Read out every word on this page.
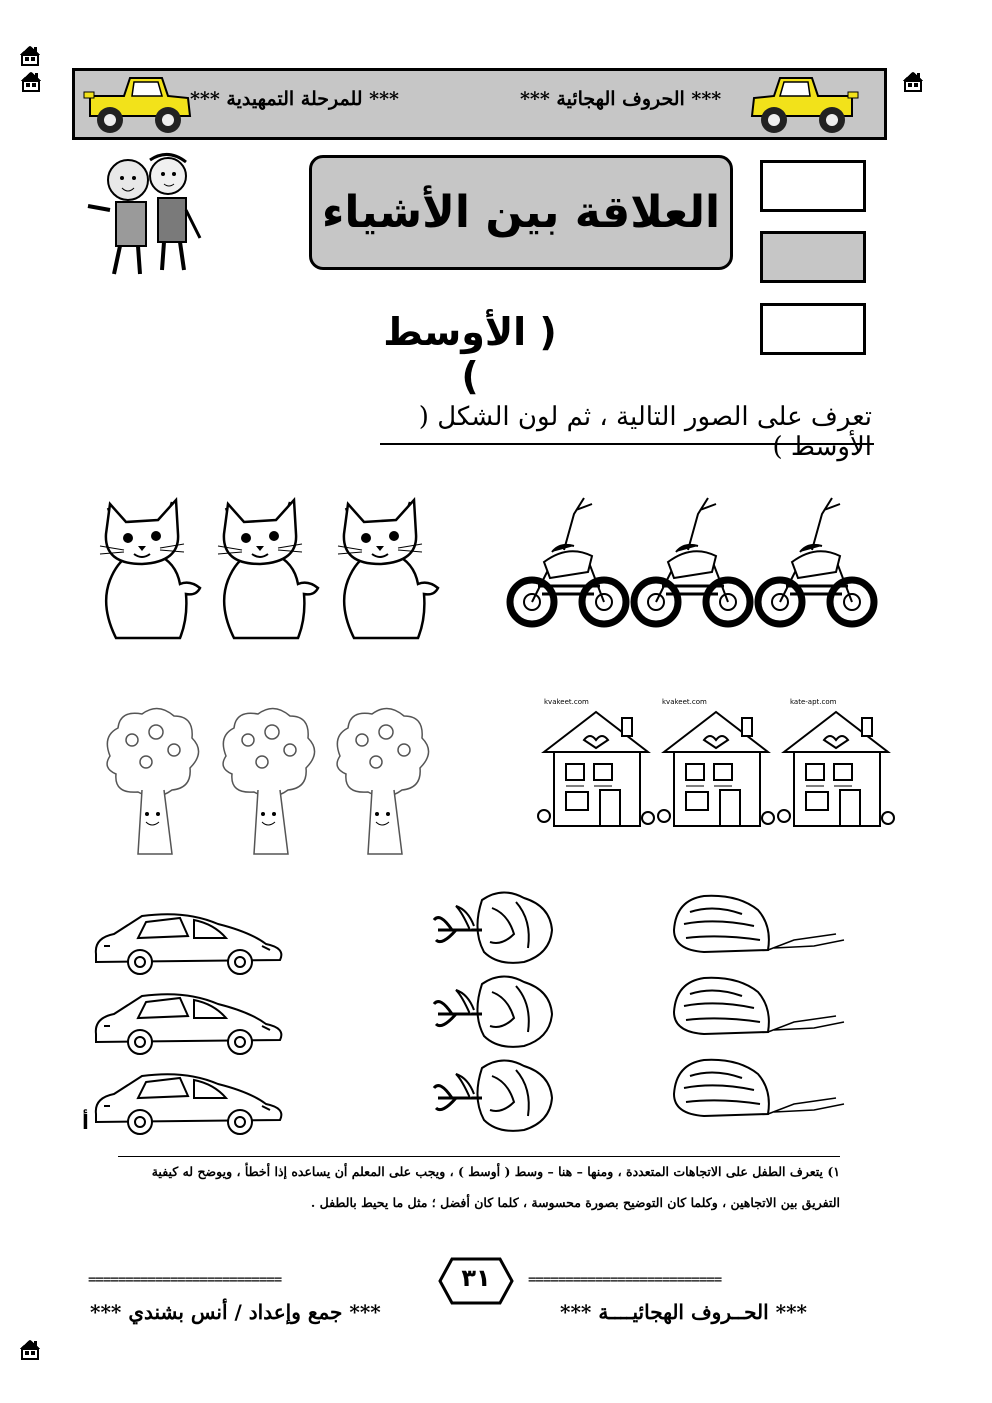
*** الحروف الهجائية ***
*** للمرحلة التمهيدية ***
العلاقة بين الأشياء
( الأوسط )
تعرف على الصور التالية ، ثم لون الشكل ( الأوسط )
kvakeet.com	kvakeet.com	kate-apt.com
أ
١) يتعرف الطفل على الاتجاهات المتعددة ، ومنها – هنا – وسط ( أوسط ) ، ويجب على المعلم أن يساعده إذا أخطأ ، ويوضح له كيفية
التفريق بين الاتجاهين ، وكلما كان التوضيح بصورة محسوسة ، كلما كان أفضل ؛ مثل ما يحيط بالطفل .
==========================	==========================
٣١
*** الحــروف الهجائيــــة ***
*** جمع وإعداد / أنس بشندي ***
